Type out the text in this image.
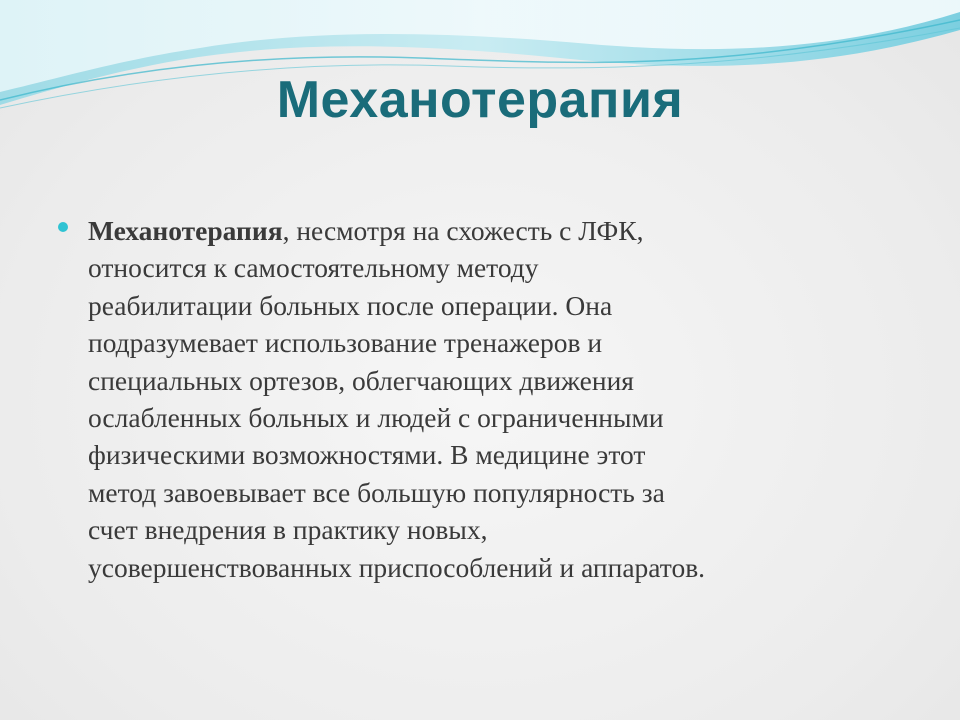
Механотерапия

Механотерапия, несмотря на схожесть с ЛФК,
относится к самостоятельному методу
реабилитации больных после операции. Она
подразумевает использование тренажеров и
специальных ортезов, облегчающих движения
ослабленных больных и людей с ограниченными
физическими возможностями. В медицине этот
метод завоевывает все большую популярность за
счет внедрения в практику новых,
усовершенствованных приспособлений и аппаратов.
